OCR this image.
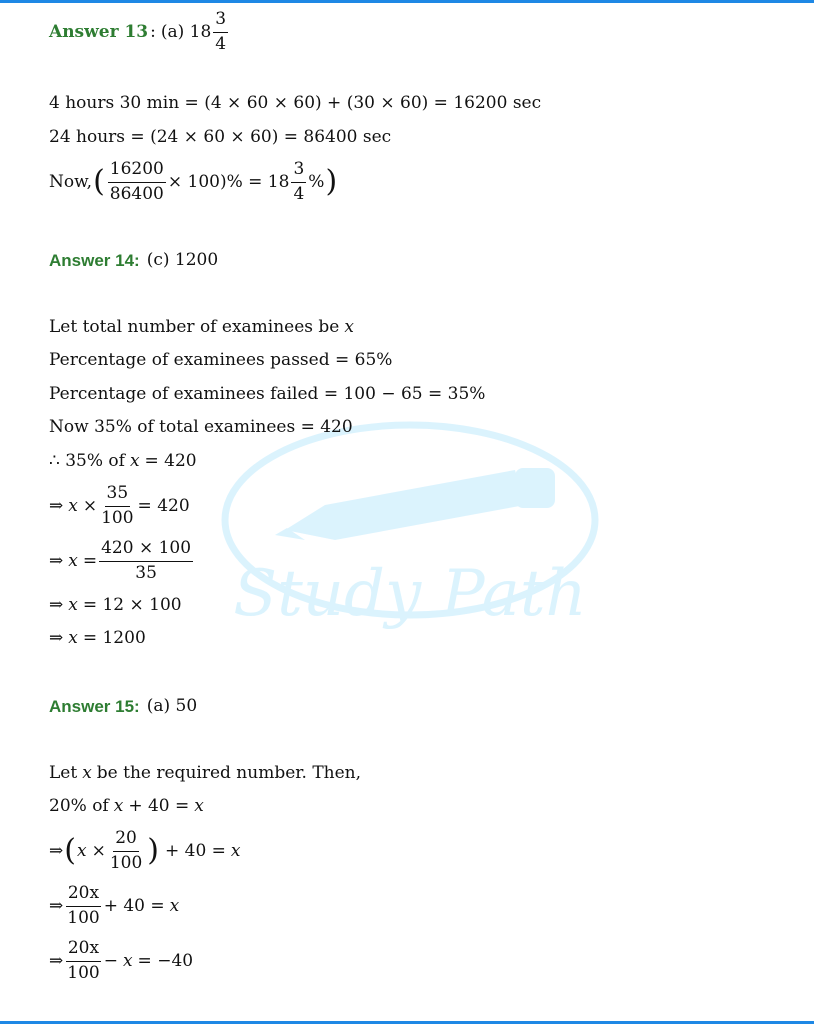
Study Path
Answer 13 : (a) $18 \frac{3}{4}$
4 hours 30 min = (4 × 60 × 60) + (30 × 60) = 16200 sec
24 hours = (24 × 60 × 60) = 86400 sec
Now, ( $\frac{16200}{86400} \times 100)\% = 18 \frac{3}{4}$ % )
Answer 14: (c) 1200
Let total number of examinees be x
Percentage of examinees passed = 65%
Percentage of examinees failed = 100 − 65 = 35%
Now 35% of total examinees = 420
∴ 35% of x = 420
⇒ $x \times \frac{35}{100} = 420$
⇒ $x = \frac{420 \times 100}{35}$
⇒ x = 12 × 100
⇒ x = 1200
Answer 15: (a) 50
Let x be the required number. Then,
20% of x + 40 = x
⇒ ( $x \times \frac{20}{100}$ ) + 40 = x
⇒ $\frac{20x}{100} + 40 = x$
⇒ $\frac{20x}{100} - x = -40$
